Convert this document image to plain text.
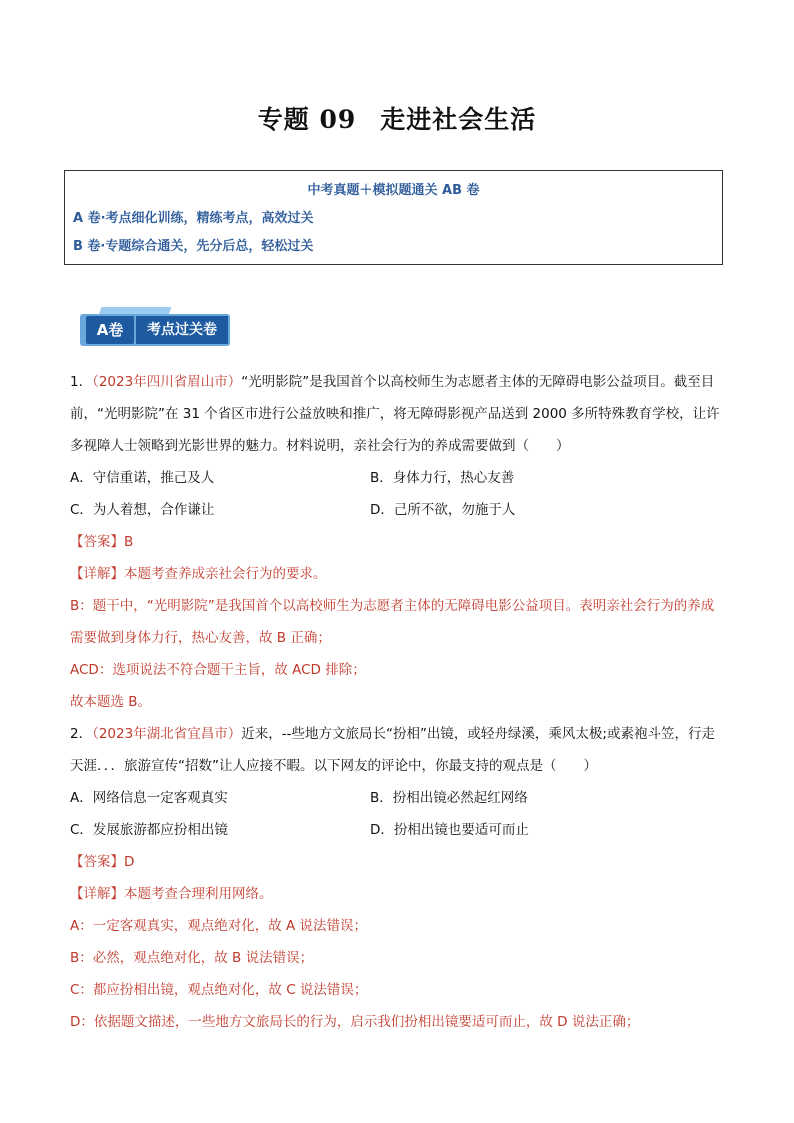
专题 09 走进社会生活
中考真题＋模拟题通关 AB 卷
A 卷·考点细化训练，精练考点，高效过关
B 卷·专题综合通关，先分后总，轻松过关
A卷	考点过关卷

1．（2023年四川省眉山市）“光明影院”是我国首个以高校师生为志愿者主体的无障碍电影公益项目。截至目前，“光明影院”在 31 个省区市进行公益放映和推广，将无障碍影视产品送到 2000 多所特殊教育学校，让许多视障人士领略到光影世界的魅力。材料说明，亲社会行为的养成需要做到（　　）

A．守信重诺，推己及人	B．身体力行，热心友善
C．为人着想，合作谦让	D．己所不欲，勿施于人

【答案】B

【详解】本题考查养成亲社会行为的要求。

B：题干中，“光明影院”是我国首个以高校师生为志愿者主体的无障碍电影公益项目。表明亲社会行为的养成需要做到身体力行，热心友善，故 B 正确；

ACD：选项说法不符合题干主旨，故 ACD 排除；

故本题选 B。

2．（2023年湖北省宜昌市）近来，--些地方文旅局长“扮相”出镜，或轻舟绿溪，乘风太极;或素袍斗笠，行走天涯．．．旅游宣传“招数”让人应接不暇。以下网友的评论中，你最支持的观点是（　　）

A．网络信息一定客观真实	B．扮相出镜必然起红网络
C．发展旅游都应扮相出镜	D．扮相出镜也要适可而止

【答案】D

【详解】本题考查合理利用网络。

A：一定客观真实，观点绝对化，故 A 说法错误；

B：必然，观点绝对化，故 B 说法错误；

C：都应扮相出镜，观点绝对化，故 C 说法错误；

D：依据题文描述，一些地方文旅局长的行为，启示我们扮相出镜要适可而止，故 D 说法正确；
